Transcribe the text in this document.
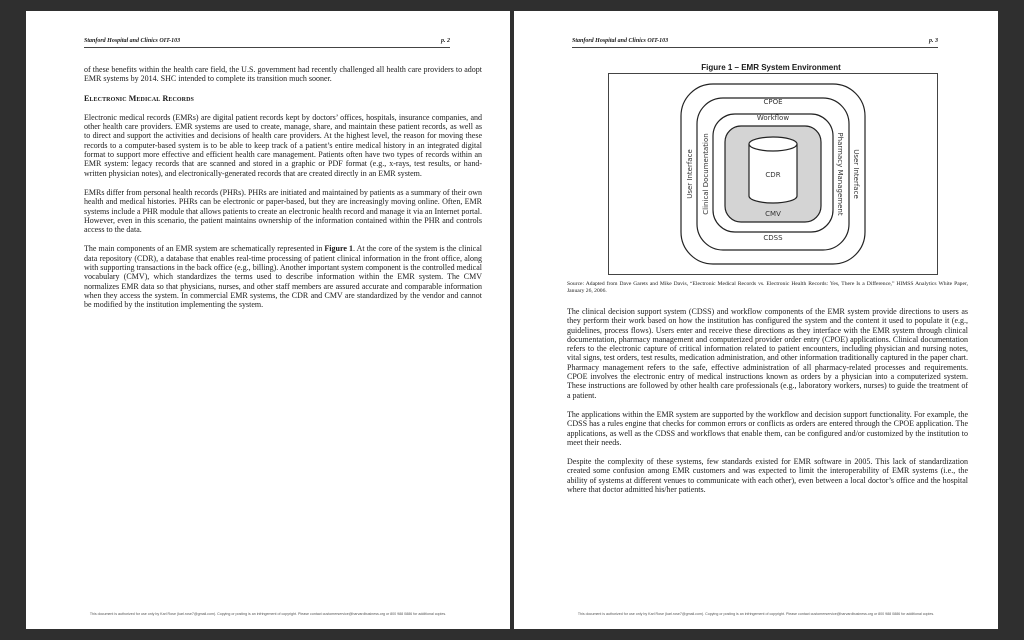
Stanford Hospital and Clinics OIT-103	p. 2

of these benefits within the health care field, the U.S. government had recently challenged all health care providers to adopt EMR systems by 2014. SHC intended to complete its transition much sooner.

Electronic Medical Records

Electronic medical records (EMRs) are digital patient records kept by doctors’ offices, hospitals, insurance companies, and other health care providers. EMR systems are used to create, manage, share, and maintain these patient records, as well as to direct and support the activities and decisions of health care providers. At the highest level, the reason for moving these records to a computer-based system is to be able to keep track of a patient’s entire medical history in an integrated digital format to support more effective and efficient health care management. Patients often have two types of records within an EMR system: legacy records that are scanned and stored in a graphic or PDF format (e.g., x-rays, test results, or hand-written physician notes), and electronically-generated records that are created directly in an EMR system.

EMRs differ from personal health records (PHRs). PHRs are initiated and maintained by patients as a summary of their own health and medical histories. PHRs can be electronic or paper-based, but they are increasingly moving online. Often, EMR systems include a PHR module that allows patients to create an electronic health record and manage it via an Internet portal. However, even in this scenario, the patient maintains ownership of the information contained within the PHR and controls access to the data.

The main components of an EMR system are schematically represented in Figure 1. At the core of the system is the clinical data repository (CDR), a database that enables real-time processing of patient clinical information in the front office, along with supporting transactions in the back office (e.g., billing). Another important system component is the controlled medical vocabulary (CMV), which standardizes the terms used to describe information within the EMR system. The CMV normalizes EMR data so that physicians, nurses, and other staff members are assured accurate and comparable information when they access the system. In commercial EMR systems, the CDR and CMV are standardized by the vendor and cannot be modified by the institution implementing the system.

This document is authorized for use only by Karl Rose (karl.rose7@gmail.com). Copying or posting is an infringement of copyright. Please contact customerservice@harvardbusiness.org or 800 988 0886 for additional copies.
Stanford Hospital and Clinics OIT-103	p. 3
Figure 1 – EMR System Environment
CPOE
Workflow
CDR
CMV
CDSS
User Interface Clinical Documentation	Pharmacy Management User Interface
Source: Adapted from Dave Garets and Mike Davis, “Electronic Medical Records vs. Electronic Health Records: Yes, There Is a Difference,” HIMSS Analytics White Paper, January 26, 2006.

The clinical decision support system (CDSS) and workflow components of the EMR system provide directions to users as they perform their work based on how the institution has configured the system and the content it used to populate it (e.g., guidelines, process flows). Users enter and receive these directions as they interface with the EMR system through clinical documentation, pharmacy management and computerized provider order entry (CPOE) applications. Clinical documentation refers to the electronic capture of critical information related to patient encounters, including physician and nursing notes, vital signs, test orders, test results, medication administration, and other information traditionally captured in the paper chart. Pharmacy management refers to the safe, effective administration of all pharmacy-related processes and requirements. CPOE involves the electronic entry of medical instructions known as orders by a physician into a computerized system. These instructions are followed by other health care professionals (e.g., laboratory workers, nurses) to guide the treatment of a patient.

The applications within the EMR system are supported by the workflow and decision support functionality. For example, the CDSS has a rules engine that checks for common errors or conflicts as orders are entered through the CPOE application. The applications, as well as the CDSS and workflows that enable them, can be configured and/or customized by the institution to meet their needs.

Despite the complexity of these systems, few standards existed for EMR software in 2005. This lack of standardization created some confusion among EMR customers and was expected to limit the interoperability of EMR systems (i.e., the ability of systems at different venues to communicate with each other), even between a local doctor’s office and the hospital where that doctor admitted his/her patients.

This document is authorized for use only by Karl Rose (karl.rose7@gmail.com). Copying or posting is an infringement of copyright. Please contact customerservice@harvardbusiness.org or 800 988 0886 for additional copies.
